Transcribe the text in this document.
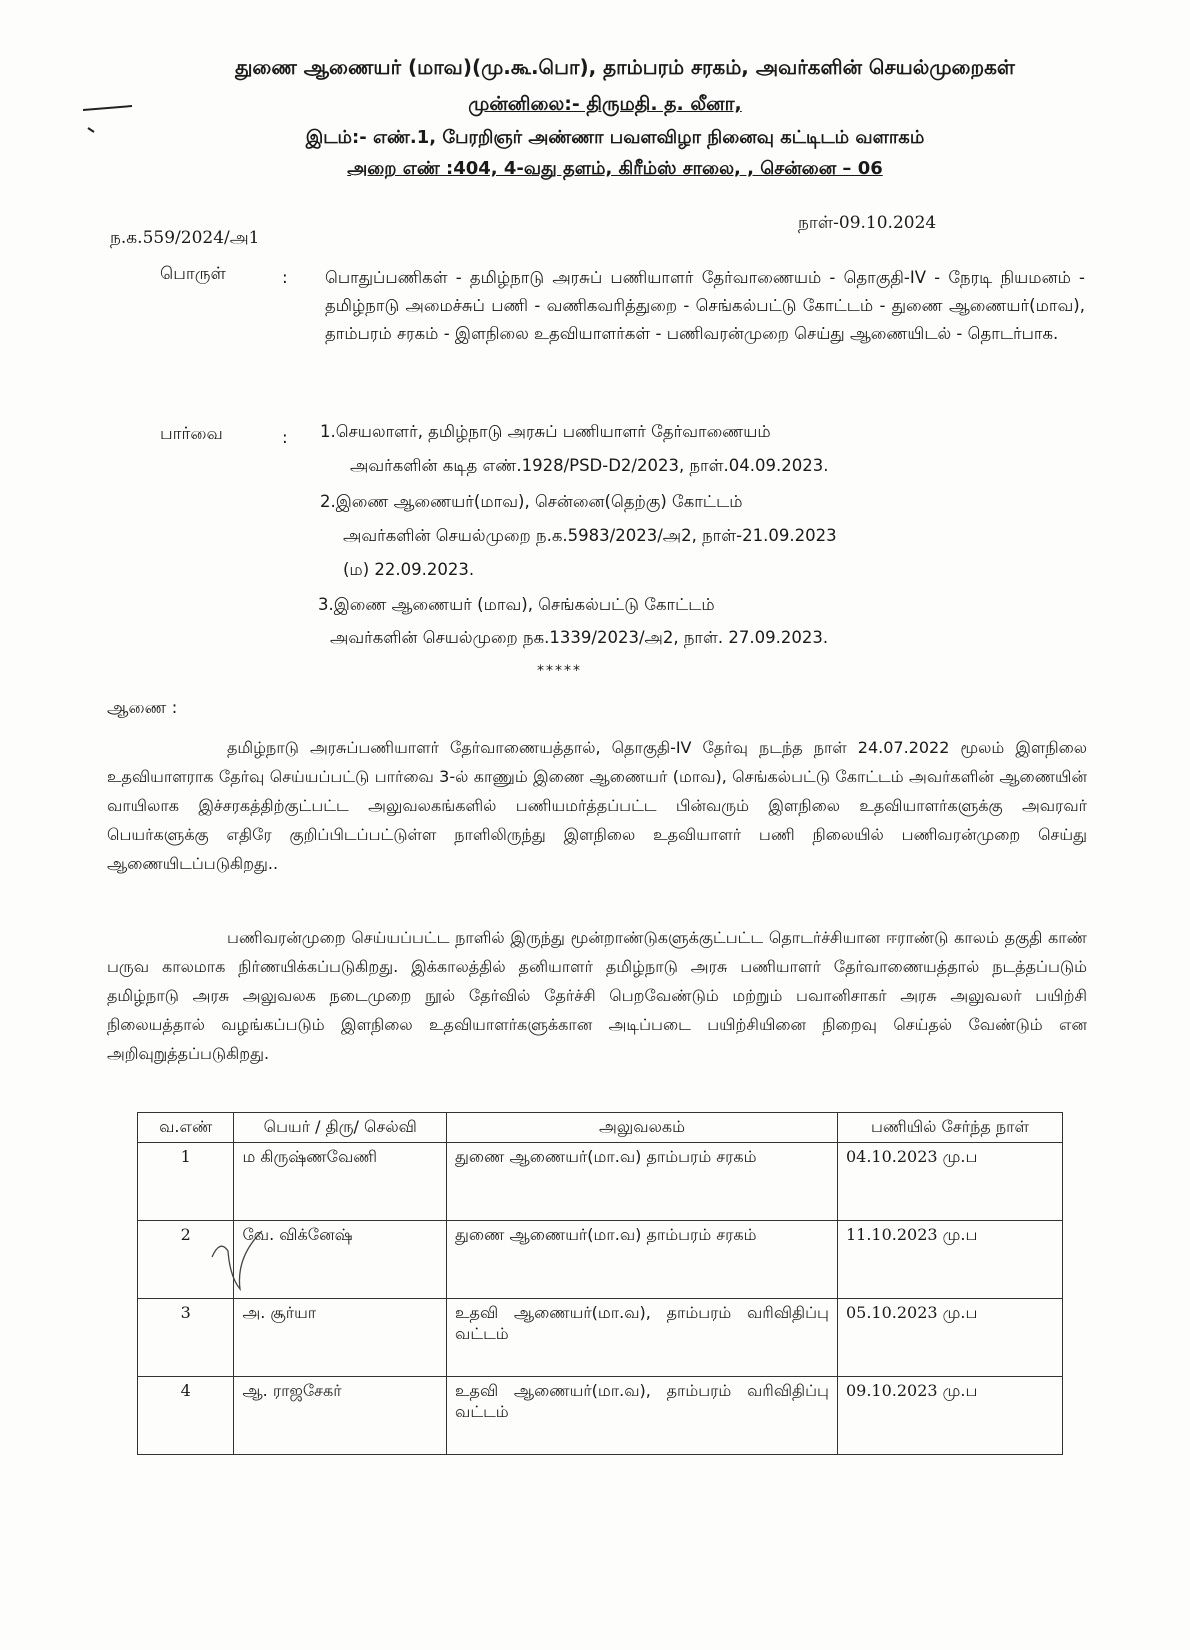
துணை ஆணையர் (மாவ)(மு.கூ.பொ), தாம்பரம் சரகம், அவர்களின் செயல்முறைகள்
முன்னிலை:- திருமதி. த. லீனா,
இடம்:- எண்.1, பேரறிஞர் அண்ணா பவளவிழா நினைவு கட்டிடம் வளாகம்
அறை எண் :404, 4-வது தளம், கிரீம்ஸ் சாலை, , சென்னை – 06
ந.க.559/2024/அ1
நாள்-09.10.2024
பொருள்	: பொதுப்பணிகள் - தமிழ்நாடு அரசுப் பணியாளர் தேர்வாணையம் - தொகுதி-IV - நேரடி நியமனம் - தமிழ்நாடு அமைச்சுப் பணி - வணிகவரித்துறை - செங்கல்பட்டு கோட்டம் - துணை ஆணையர்(மாவ), தாம்பரம் சரகம் - இளநிலை உதவியாளர்கள் - பணிவரன்முறை செய்து ஆணையிடல் - தொடர்பாக.
பார்வை	: 1.செயலாளர், தமிழ்நாடு அரசுப் பணியாளர் தேர்வாணையம்
அவர்களின் கடித எண்.1928/PSD-D2/2023, நாள்.04.09.2023.
2.இணை ஆணையர்(மாவ), சென்னை(தெற்கு) கோட்டம்
அவர்களின் செயல்முறை ந.க.5983/2023/அ2, நாள்-21.09.2023
(ம) 22.09.2023.
3.இணை ஆணையர் (மாவ), செங்கல்பட்டு கோட்டம்
அவர்களின் செயல்முறை நக.1339/2023/அ2, நாள். 27.09.2023.
*****
ஆணை :
தமிழ்நாடு அரசுப்பணியாளர் தேர்வாணையத்தால், தொகுதி-IV தேர்வு நடந்த நாள் 24.07.2022 மூலம் இளநிலை உதவியாளராக தேர்வு செய்யப்பட்டு பார்வை 3-ல் காணும் இணை ஆணையர் (மாவ), செங்கல்பட்டு கோட்டம் அவர்களின் ஆணையின் வாயிலாக இச்சரகத்திற்குட்பட்ட அலுவலகங்களில் பணியமர்த்தப்பட்ட பின்வரும் இளநிலை உதவியாளர்களுக்கு அவரவர் பெயர்களுக்கு எதிரே குறிப்பிடப்பட்டுள்ள நாளிலிருந்து இளநிலை உதவியாளர் பணி நிலையில் பணிவரன்முறை செய்து ஆணையிடப்படுகிறது..
பணிவரன்முறை செய்யப்பட்ட நாளில் இருந்து மூன்றாண்டுகளுக்குட்பட்ட தொடர்ச்சியான ஈராண்டு காலம் தகுதி காண் பருவ காலமாக நிர்ணயிக்கப்படுகிறது. இக்காலத்தில் தனியாளர் தமிழ்நாடு அரசு பணியாளர் தேர்வாணையத்தால் நடத்தப்படும் தமிழ்நாடு அரசு அலுவலக நடைமுறை நூல் தேர்வில் தேர்ச்சி பெறவேண்டும் மற்றும் பவானிசாகர் அரசு அலுவலர் பயிற்சி நிலையத்தால் வழங்கப்படும் இளநிலை உதவியாளர்களுக்கான அடிப்படை பயிற்சியினை நிறைவு செய்தல் வேண்டும் என அறிவுறுத்தப்படுகிறது.
வ.எண்	பெயர் / திரு/ செல்வி	அலுவலகம்	பணியில் சேர்ந்த நாள்
1	ம கிருஷ்ணவேணி	துணை ஆணையர்(மா.வ) தாம்பரம் சரகம்	04.10.2023 மு.ப
2	வே. விக்னேஷ்	துணை ஆணையர்(மா.வ) தாம்பரம் சரகம்	11.10.2023 மு.ப
3	அ. சூர்யா	உதவி ஆணையர்(மா.வ), தாம்பரம் வரிவிதிப்பு வட்டம்	05.10.2023 மு.ப
4	ஆ. ராஜசேகர்	உதவி ஆணையர்(மா.வ), தாம்பரம் வரிவிதிப்பு வட்டம்	09.10.2023 மு.ப
